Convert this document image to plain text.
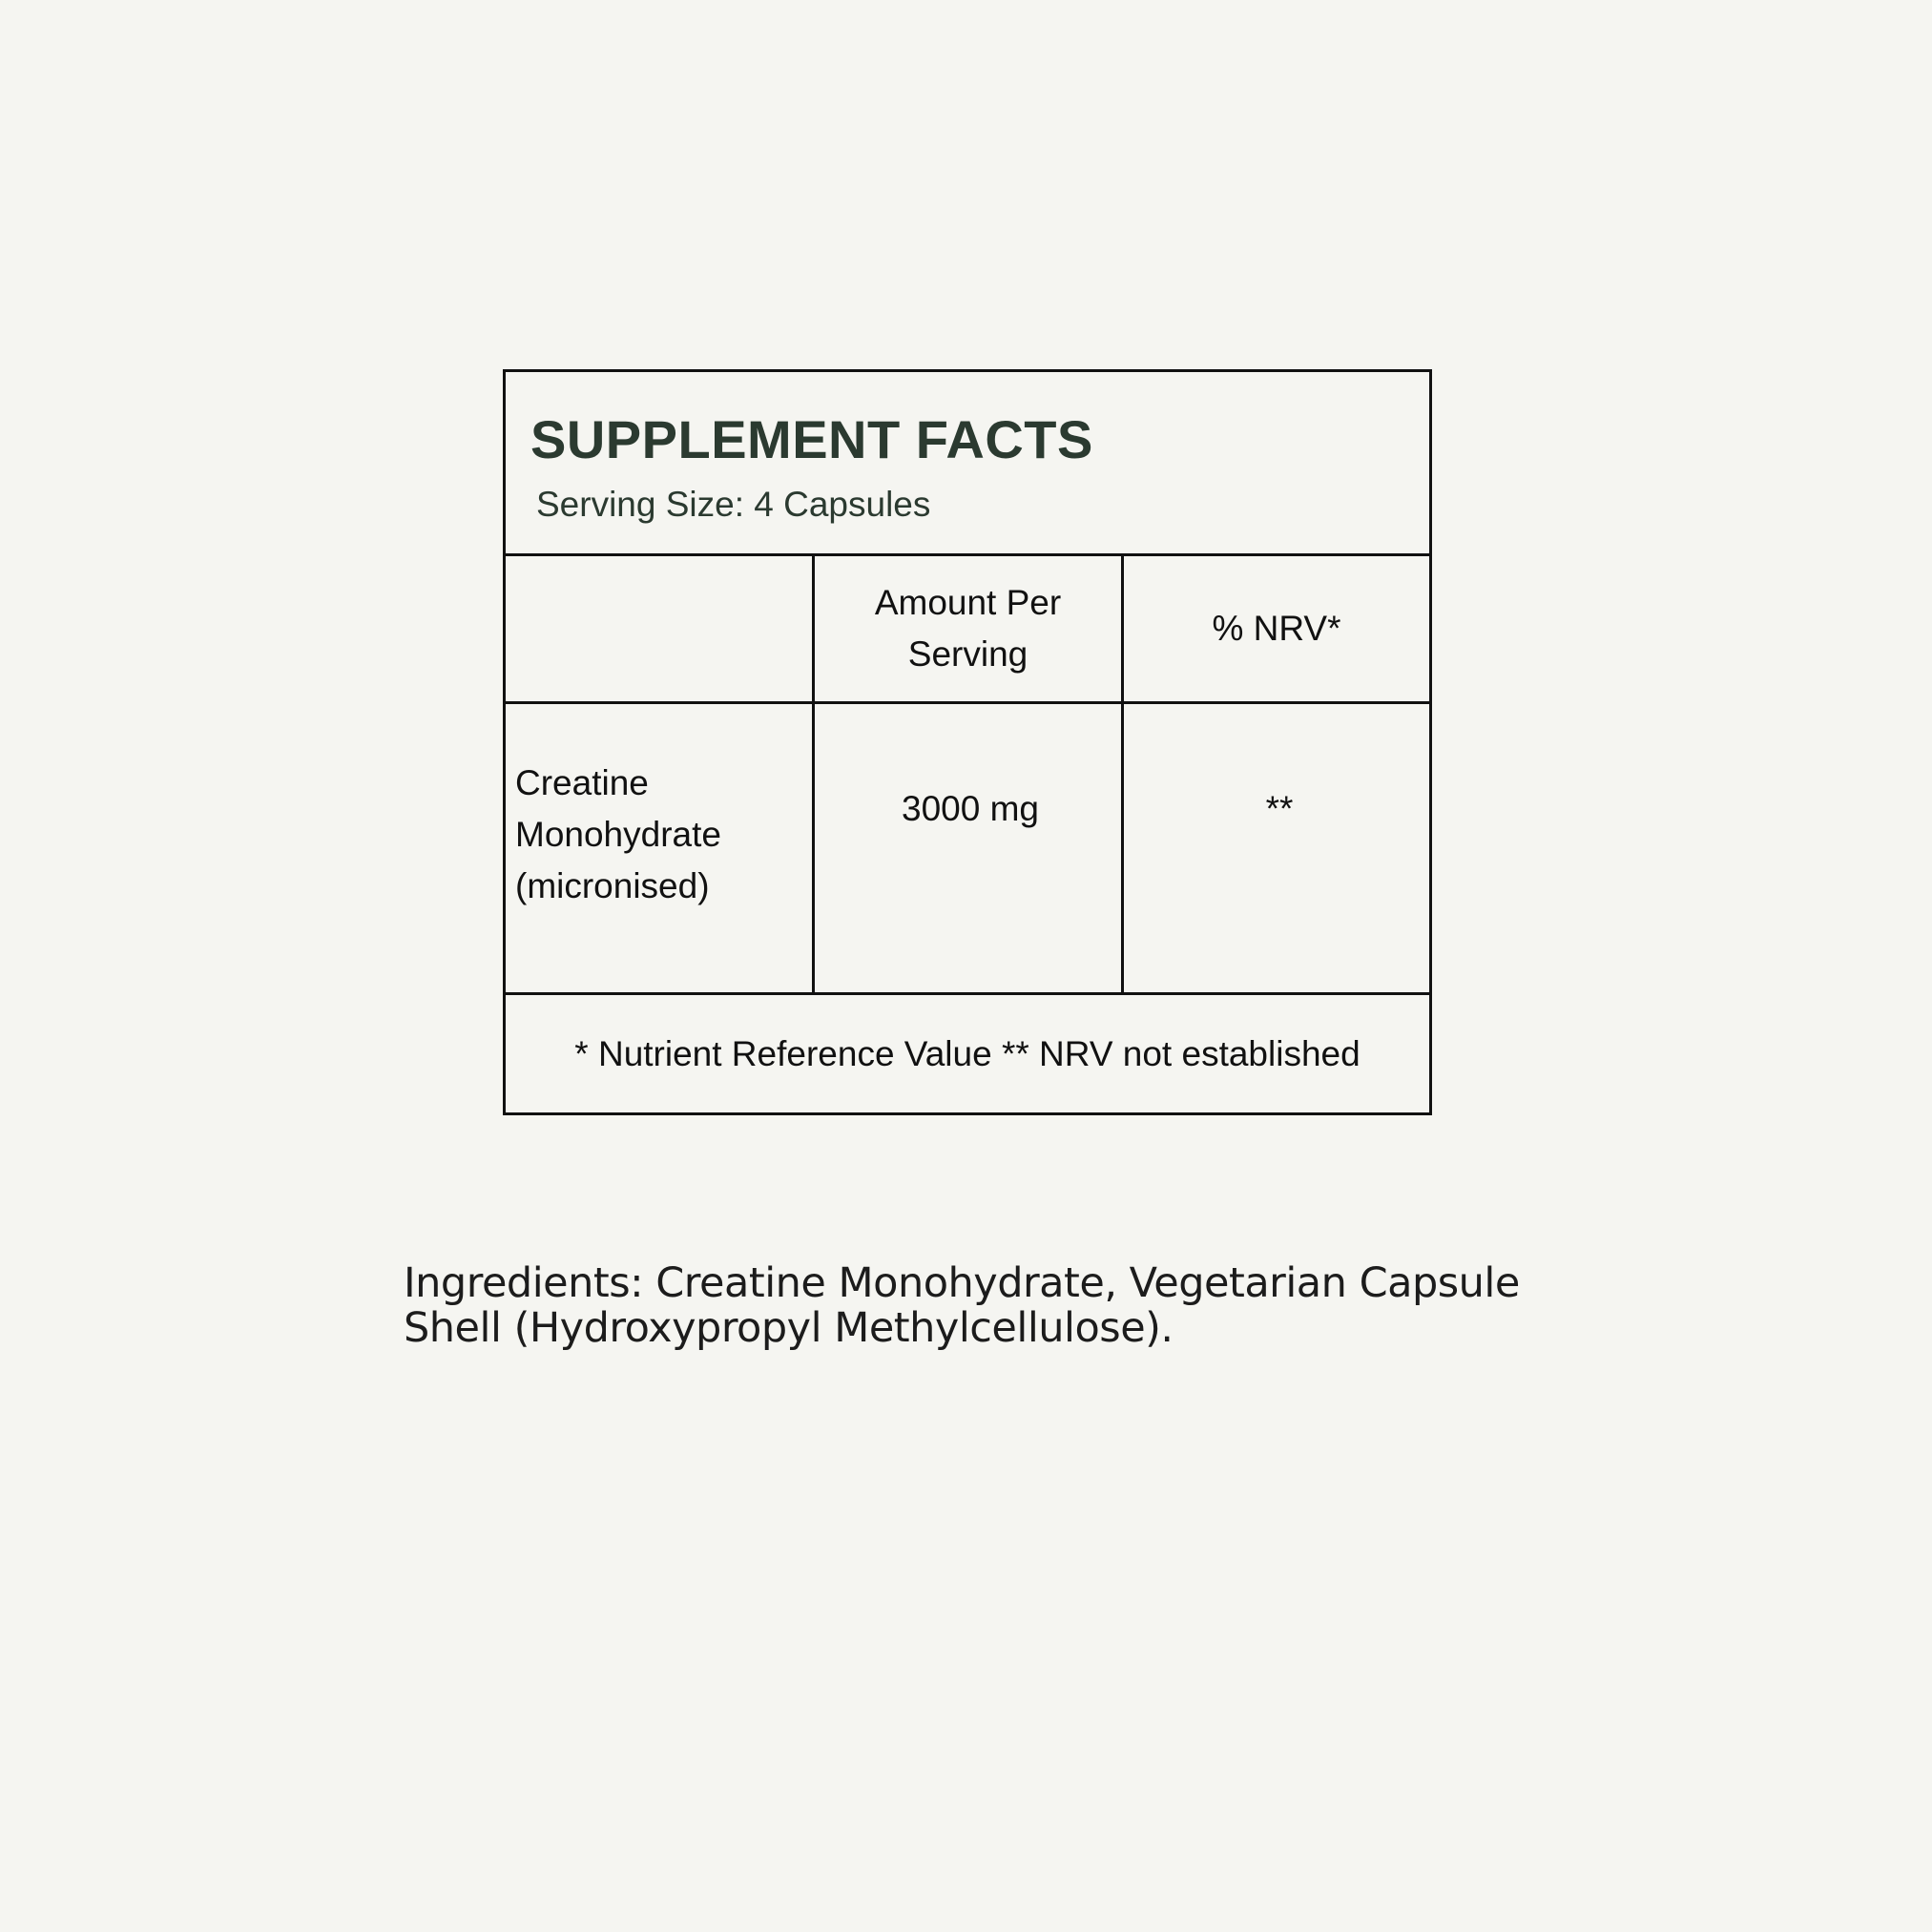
SUPPLEMENT FACTS
Serving Size: 4 Capsules
Amount Per
Serving
% NRV*
Creatine
Monohydrate
(micronised)
3000 mg	**
* Nutrient Reference Value ** NRV not established
Ingredients: Creatine Monohydrate, Vegetarian Capsule
Shell (Hydroxypropyl Methylcellulose).
